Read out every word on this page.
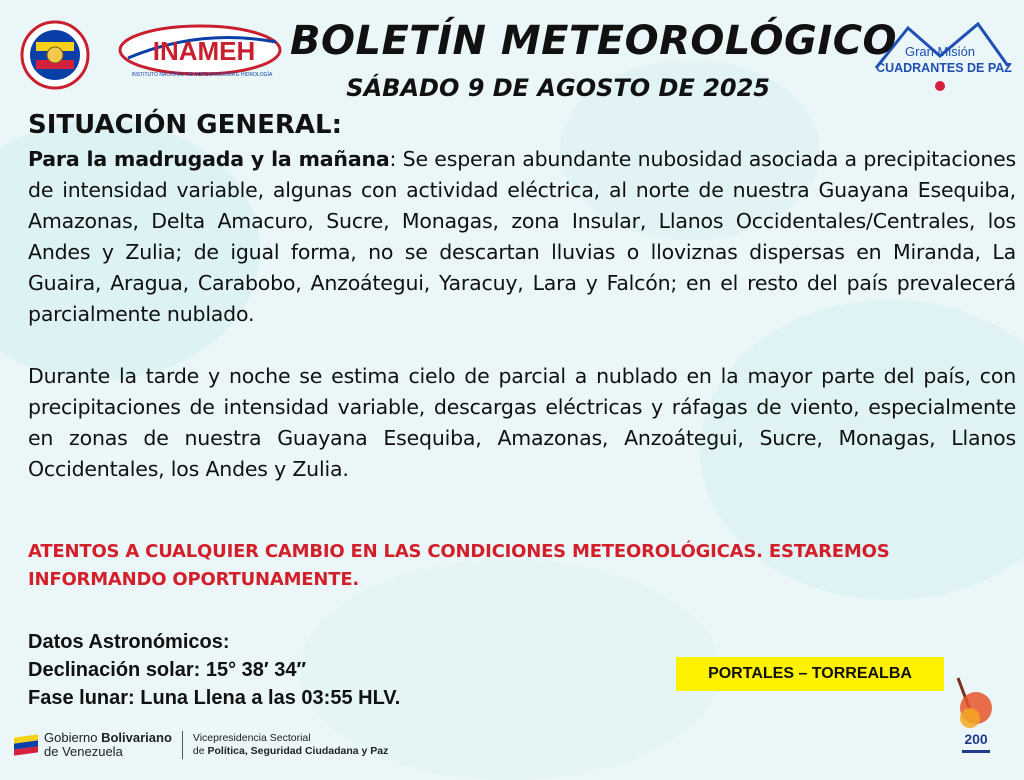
INAMEH
INSTITUTO NACIONAL DE METEOROLOGÍA E HIDROLOGÍA
Gran Misión
CUADRANTES DE PAZ
BOLETÍN METEOROLÓGICO
SÁBADO 9 DE AGOSTO DE 2025
SITUACIÓN GENERAL:

Para la madrugada y la mañana: Se esperan abundante nubosidad asociada a precipitaciones de intensidad variable, algunas con actividad eléctrica, al norte de nuestra Guayana Esequiba, Amazonas, Delta Amacuro, Sucre, Monagas, zona Insular, Llanos Occidentales/Centrales, los Andes y Zulia; de igual forma, no se descartan lluvias o lloviznas dispersas en Miranda, La Guaira, Aragua, Carabobo, Anzoátegui, Yaracuy, Lara y Falcón; en el resto del país prevalecerá parcialmente nublado.

Durante la tarde y noche se estima cielo de parcial a nublado en la mayor parte del país, con precipitaciones de intensidad variable, descargas eléctricas y ráfagas de viento, especialmente en zonas de nuestra Guayana Esequiba, Amazonas, Anzoátegui, Sucre, Monagas, Llanos Occidentales, los Andes y Zulia.

ATENTOS A CUALQUIER CAMBIO EN LAS CONDICIONES METEOROLÓGICAS. ESTAREMOS INFORMANDO OPORTUNAMENTE.

Datos Astronómicos:
Declinación solar: 15° 38′ 34″
Fase lunar: Luna Llena a las 03:55 HLV.
PORTALES – TORREALBA
Gobierno Bolivariano
de Venezuela
Vicepresidencia Sectorial
de Política, Seguridad Ciudadana y Paz
200
